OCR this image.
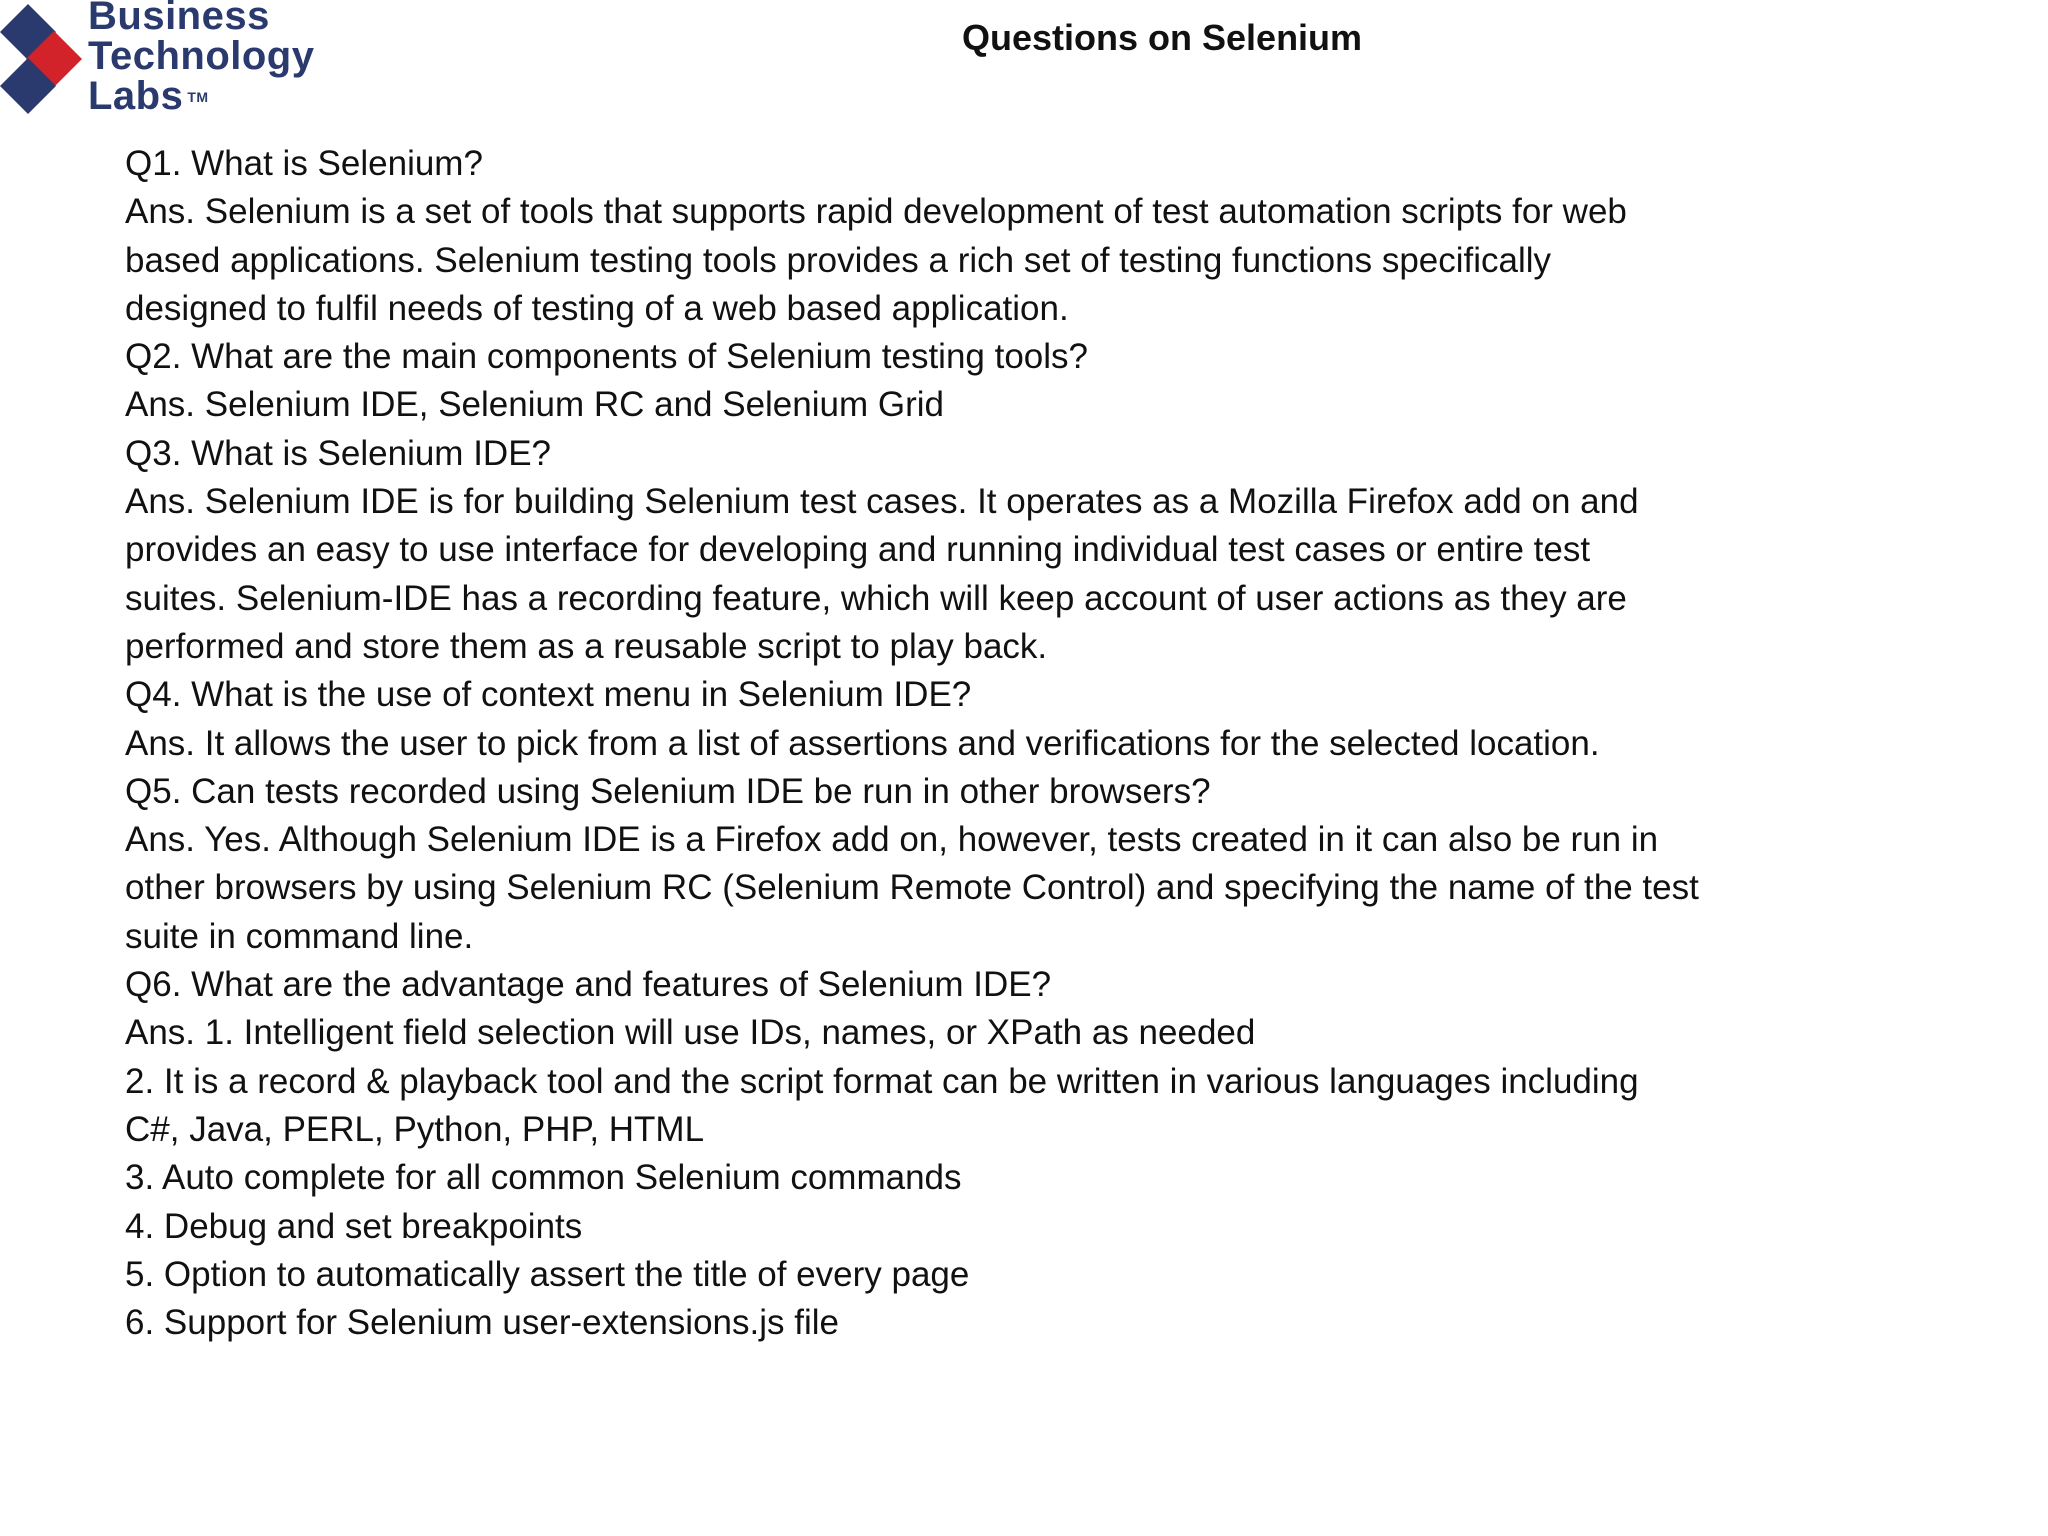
Business
Technology
Labs ™
Questions on Selenium
Q1. What is Selenium?
Ans. Selenium is a set of tools that supports rapid development of test automation scripts for web
based applications. Selenium testing tools provides a rich set of testing functions specifically
designed to fulfil needs of testing of a web based application.
Q2. What are the main components of Selenium testing tools?
Ans. Selenium IDE, Selenium RC and Selenium Grid
Q3. What is Selenium IDE?
Ans. Selenium IDE is for building Selenium test cases. It operates as a Mozilla Firefox add on and
provides an easy to use interface for developing and running individual test cases or entire test
suites. Selenium-IDE has a recording feature, which will keep account of user actions as they are
performed and store them as a reusable script to play back.
Q4. What is the use of context menu in Selenium IDE?
Ans. It allows the user to pick from a list of assertions and verifications for the selected location.
Q5. Can tests recorded using Selenium IDE be run in other browsers?
Ans. Yes. Although Selenium IDE is a Firefox add on, however, tests created in it can also be run in
other browsers by using Selenium RC (Selenium Remote Control) and specifying the name of the test
suite in command line.
Q6. What are the advantage and features of Selenium IDE?
Ans. 1. Intelligent field selection will use IDs, names, or XPath as needed
2. It is a record & playback tool and the script format can be written in various languages including
C#, Java, PERL, Python, PHP, HTML
3. Auto complete for all common Selenium commands
4. Debug and set breakpoints
5. Option to automatically assert the title of every page
6. Support for Selenium user-extensions.js file
